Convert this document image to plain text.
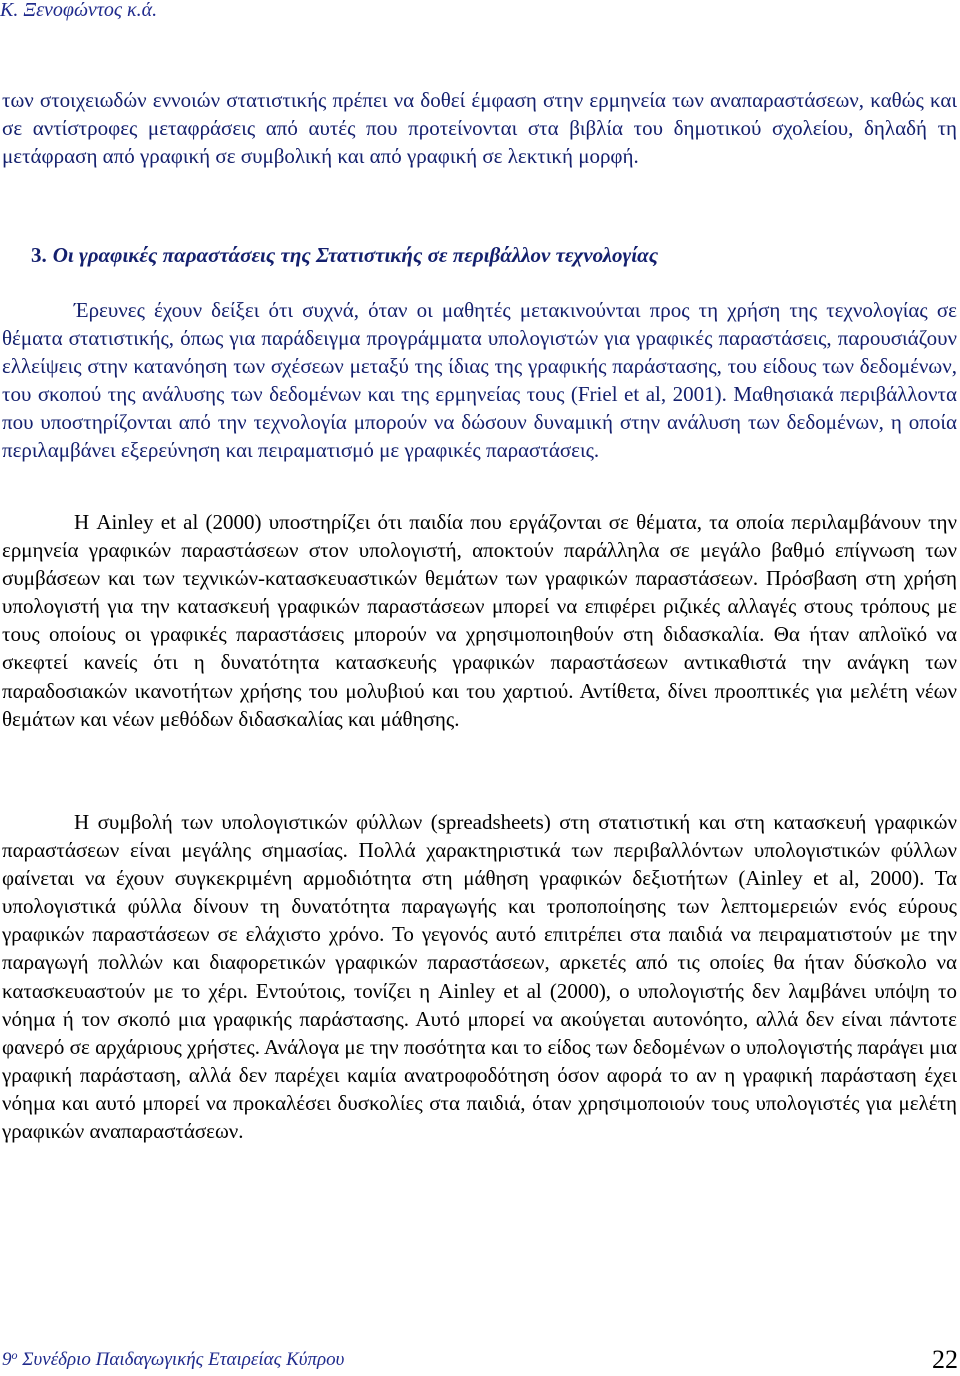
Κ. Ξενοφώντος κ.ά.

των στοιχειωδών εννοιών στατιστικής πρέπει να δοθεί έμφαση στην ερμηνεία των αναπαραστάσεων, καθώς και σε αντίστροφες μεταφράσεις από αυτές που προτείνονται στα βιβλία του δημοτικού σχολείου, δηλαδή τη μετάφραση από γραφική σε συμβολική και από γραφική σε λεκτική μορφή.

3. Οι γραφικές παραστάσεις της Στατιστικής σε περιβάλλον τεχνολογίας

Έρευνες έχουν δείξει ότι συχνά, όταν οι μαθητές μετακινούνται προς τη χρήση της τεχνολογίας σε θέματα στατιστικής, όπως για παράδειγμα προγράμματα υπολογιστών για γραφικές παραστάσεις, παρουσιάζουν ελλείψεις στην κατανόηση των σχέσεων μεταξύ της ίδιας της γραφικής παράστασης, του είδους των δεδομένων, του σκοπού της ανάλυσης των δεδομένων και της ερμηνείας τους (Friel et al, 2001). Μαθησιακά περιβάλλοντα που υποστηρίζονται από την τεχνολογία μπορούν να δώσουν δυναμική στην ανάλυση των δεδομένων, η οποία περιλαμβάνει εξερεύνηση και πειραματισμό με γραφικές παραστάσεις.

Η Ainley et al (2000) υποστηρίζει ότι παιδία που εργάζονται σε θέματα, τα οποία περιλαμβάνουν την ερμηνεία γραφικών παραστάσεων στον υπολογιστή, αποκτούν παράλληλα σε μεγάλο βαθμό επίγνωση των συμβάσεων και των τεχνικών-κατασκευαστικών θεμάτων των γραφικών παραστάσεων. Πρόσβαση στη χρήση υπολογιστή για την κατασκευή γραφικών παραστάσεων μπορεί να επιφέρει ριζικές αλλαγές στους τρόπους με τους οποίους οι γραφικές παραστάσεις μπορούν να χρησιμοποιηθούν στη διδασκαλία. Θα ήταν απλοϊκό να σκεφτεί κανείς ότι η δυνατότητα κατασκευής γραφικών παραστάσεων αντικαθιστά την ανάγκη των παραδοσιακών ικανοτήτων χρήσης του μολυβιού και του χαρτιού. Αντίθετα, δίνει προοπτικές για μελέτη νέων θεμάτων και νέων μεθόδων διδασκαλίας και μάθησης.

Η συμβολή των υπολογιστικών φύλλων (spreadsheets) στη στατιστική και στη κατασκευή γραφικών παραστάσεων είναι μεγάλης σημασίας. Πολλά χαρακτηριστικά των περιβαλλόντων υπολογιστικών φύλλων φαίνεται να έχουν συγκεκριμένη αρμοδιότητα στη μάθηση γραφικών δεξιοτήτων (Ainley et al, 2000). Τα υπολογιστικά φύλλα δίνουν τη δυνατότητα παραγωγής και τροποποίησης των λεπτομερειών ενός εύρους γραφικών παραστάσεων σε ελάχιστο χρόνο. Το γεγονός αυτό επιτρέπει στα παιδιά να πειραματιστούν με την παραγωγή πολλών και διαφορετικών γραφικών παραστάσεων, αρκετές από τις οποίες θα ήταν δύσκολο να κατασκευαστούν με το χέρι. Εντούτοις, τονίζει η Ainley et al (2000), ο υπολογιστής δεν λαμβάνει υπόψη το νόημα ή τον σκοπό μια γραφικής παράστασης. Αυτό μπορεί να ακούγεται αυτονόητο, αλλά δεν είναι πάντοτε φανερό σε αρχάριους χρήστες. Ανάλογα με την ποσότητα και το είδος των δεδομένων ο υπολογιστής παράγει μια γραφική παράσταση, αλλά δεν παρέχει καμία ανατροφοδότηση όσον αφορά το αν η γραφική παράσταση έχει νόημα και αυτό μπορεί να προκαλέσει δυσκολίες στα παιδιά, όταν χρησιμοποιούν τους υπολογιστές για μελέτη γραφικών αναπαραστάσεων.

$9^o$ Συνέδριο Παιδαγωγικής Εταιρείας Κύπρου	22
